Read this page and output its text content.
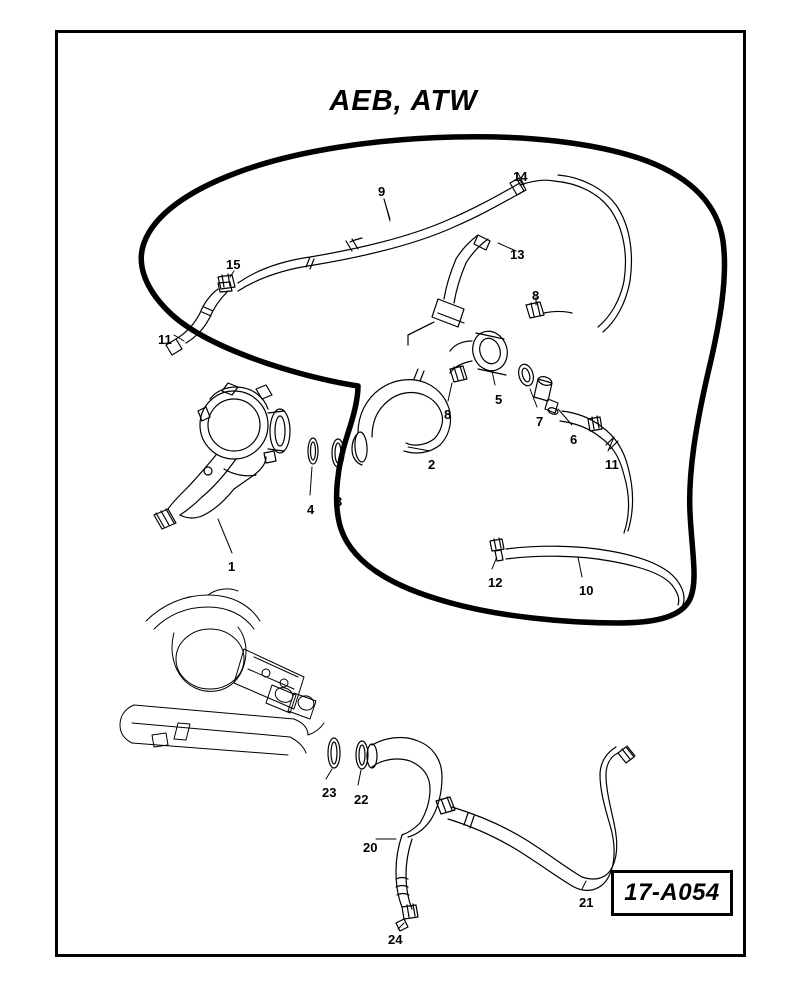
AEB, ATW
9
14
15
11
13
8
8
5
7
6
11
2
3
4
1
12
10
23 22
20
24
21 17-A054
